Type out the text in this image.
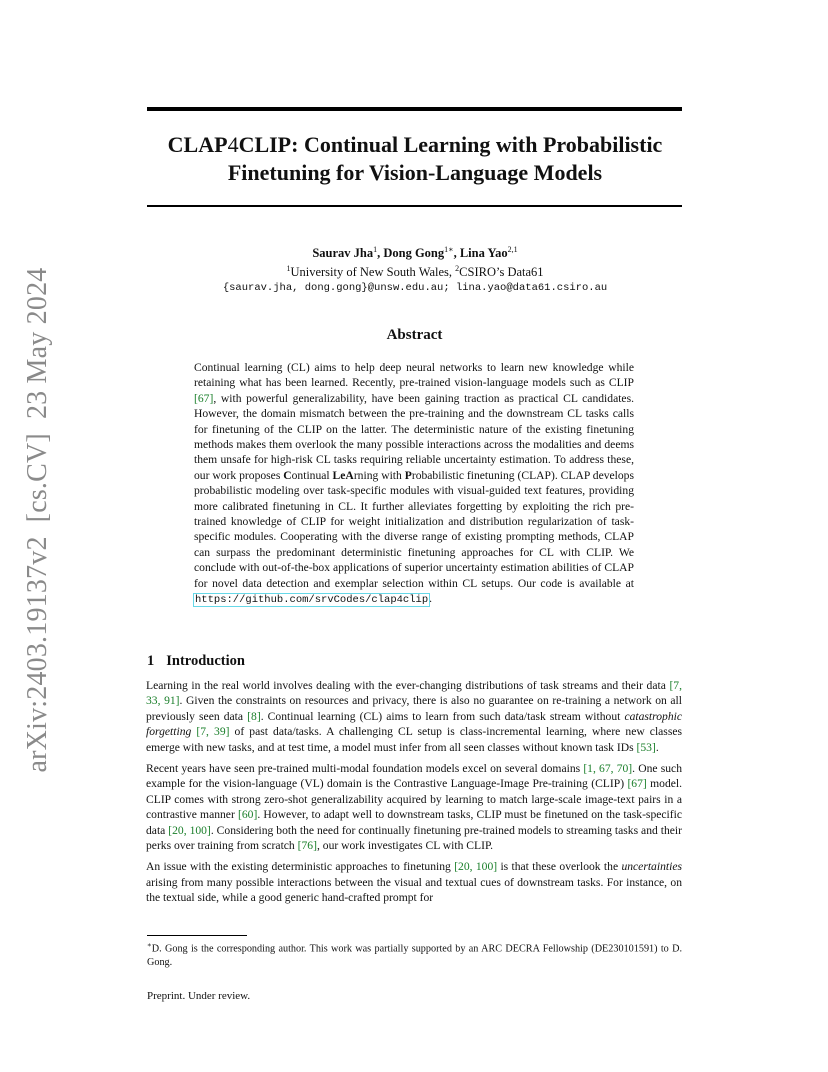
arXiv:2403.19137v2[cs.CV]23 May 2024
CLAP4CLIP: Continual Learning with Probabilistic
Finetuning for Vision-Language Models
Saurav Jha$^1$, Dong Gong$^{1∗}$, Lina Yao$^{2,1}$
$^1$University of New South Wales, $^2$CSIRO’s Data61
{saurav.jha, dong.gong}@unsw.edu.au; lina.yao@data61.csiro.au
Abstract
Continual learning (CL) aims to help deep neural networks to learn new knowledge while retaining what has been learned. Recently, pre-trained vision-language models such as CLIP [67], with powerful generalizability, have been gaining traction as practical CL candidates. However, the domain mismatch between the pre-training and the downstream CL tasks calls for finetuning of the CLIP on the latter. The deterministic nature of the existing finetuning methods makes them overlook the many possible interactions across the modalities and deems them unsafe for high-risk CL tasks requiring reliable uncertainty estimation. To address these, our work proposes Continual LeArning with Probabilistic finetuning (CLAP). CLAP develops probabilistic modeling over task-specific modules with visual-guided text features, providing more calibrated finetuning in CL. It further alleviates forgetting by exploiting the rich pre-trained knowledge of CLIP for weight initialization and distribution regularization of task-specific modules. Cooperating with the diverse range of existing prompting methods, CLAP can surpass the predominant deterministic finetuning approaches for CL with CLIP. We conclude with out-of-the-box applications of superior uncertainty estimation abilities of CLAP for novel data detection and exemplar selection within CL setups. Our code is available at https://github.com/srvCodes/clap4clip.
1 Introduction

Learning in the real world involves dealing with the ever-changing distributions of task streams and their data [7, 33, 91]. Given the constraints on resources and privacy, there is also no guarantee on re-training a network on all previously seen data [8]. Continual learning (CL) aims to learn from such data/task stream without catastrophic forgetting [7, 39] of past data/tasks. A challenging CL setup is class-incremental learning, where new classes emerge with new tasks, and at test time, a model must infer from all seen classes without known task IDs [53].

Recent years have seen pre-trained multi-modal foundation models excel on several domains [1, 67, 70]. One such example for the vision-language (VL) domain is the Contrastive Language-Image Pre-training (CLIP) [67] model. CLIP comes with strong zero-shot generalizability acquired by learning to match large-scale image-text pairs in a contrastive manner [60]. However, to adapt well to downstream tasks, CLIP must be finetuned on the task-specific data [20, 100]. Considering both the need for continually finetuning pre-trained models to streaming tasks and their perks over training from scratch [76], our work investigates CL with CLIP.

An issue with the existing deterministic approaches to finetuning [20, 100] is that these overlook the uncertainties arising from many possible interactions between the visual and textual cues of downstream tasks. For instance, on the textual side, while a good generic hand-crafted prompt for

∗D. Gong is the corresponding author. This work was partially supported by an ARC DECRA Fellowship (DE230101591) to D. Gong.
Preprint. Under review.
